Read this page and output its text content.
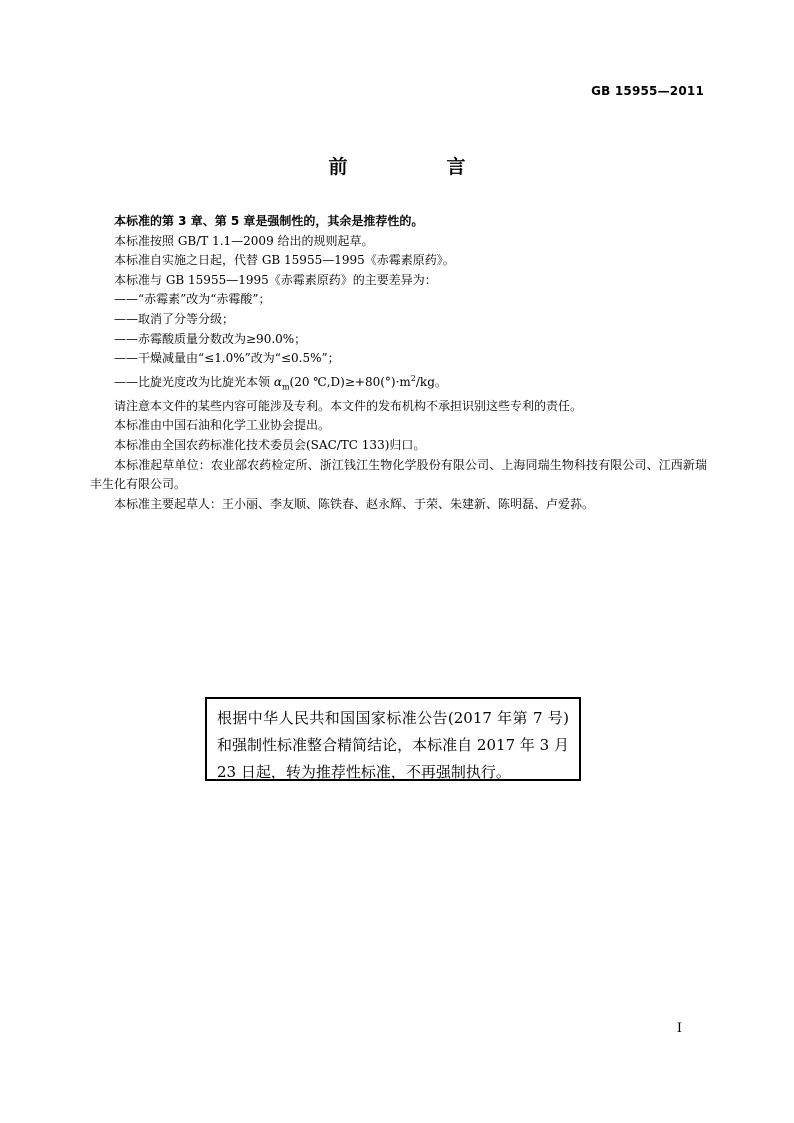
GB 15955—2011
前　言

本标准的第 3 章、第 5 章是强制性的，其余是推荐性的。

本标准按照 GB/T 1.1—2009 给出的规则起草。

本标准自实施之日起，代替 GB 15955—1995《赤霉素原药》。

本标准与 GB 15955—1995《赤霉素原药》的主要差异为：

——“赤霉素”改为“赤霉酸”；

——取消了分等分级；

——赤霉酸质量分数改为≥90.0%；

——干燥减量由“≤1.0%”改为“≤0.5%”；

——比旋光度改为比旋光本领 $\alpha_m(20$ $℃,D)\ge+80(^\circ)\cdot m^2/kg$。

请注意本文件的某些内容可能涉及专利。本文件的发布机构不承担识别这些专利的责任。

本标准由中国石油和化学工业协会提出。

本标准由全国农药标准化技术委员会(SAC/TC 133)归口。

本标准起草单位：农业部农药检定所、浙江钱江生物化学股份有限公司、上海同瑞生物科技有限公司、江西新瑞丰生化有限公司。

本标准主要起草人：王小丽、李友顺、陈铁春、赵永辉、于荣、朱建新、陈明磊、卢爱荪。

根据中华人民共和国国家标准公告(2017 年第 7 号)和强制性标准整合精简结论，本标准自 2017 年 3 月 23 日起，转为推荐性标准，不再强制执行。
I
